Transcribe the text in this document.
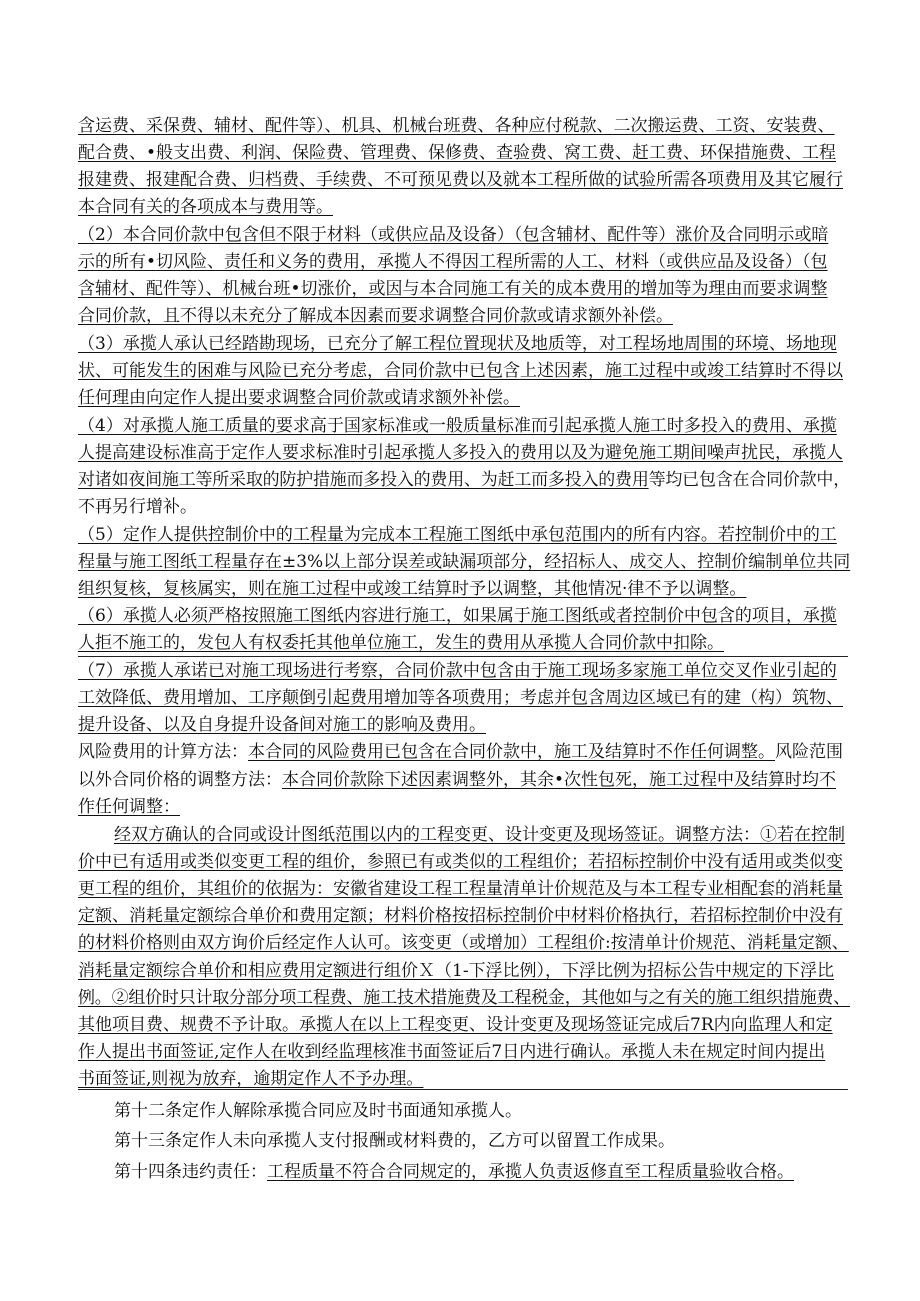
含运费、采保费、辅材、配件等）、机具、机械台班费、各种应付税款、二次搬运费、工资、安装费、
配合费、•般支出费、利润、保险费、管理费、保修费、查验费、窝工费、赶工费、环保措施费、工程
报建费、报建配合费、归档费、手续费、不可预见费以及就本工程所做的试验所需各项费用及其它履行
本合同有关的各项成本与费用等。
（2）本合同价款中包含但不限于材料（或供应品及设备）（包含辅材、配件等）涨价及合同明示或暗
示的所有•切风险、责任和义务的费用，承揽人不得因工程所需的人工、材料（或供应品及设备）（包
含辅材、配件等）、机械台班•切涨价，或因与本合同施工有关的成本费用的增加等为理由而要求调整
合同价款，且不得以未充分了解成本因素而要求调整合同价款或请求额外补偿。
（3）承揽人承认已经踏勘现场，已充分了解工程位置现状及地质等，对工程场地周围的环境、场地现
状、可能发生的困难与风险已充分考虑，合同价款中已包含上述因素，施工过程中或竣工结算时不得以
任何理由向定作人提出要求调整合同价款或请求额外补偿。
（4）对承揽人施工质量的要求高于国家标准或一般质量标准而引起承揽人施工时多投入的费用、承揽
人提高建设标准高于定作人要求标准时引起承揽人多投入的费用以及为避免施工期间噪声扰民，承揽人
对诸如夜间施工等所采取的防护措施而多投入的费用、为赶工而多投入的费用等均已包含在合同价款中，
不再另行增补。
（5）定作人提供控制价中的工程量为完成本工程施工图纸中承包范围内的所有内容。若控制价中的工
程量与施工图纸工程量存在±3%以上部分误差或缺漏项部分，经招标人、成交人、控制价编制单位共同
组织复核，复核属实，则在施工过程中或竣工结算时予以调整，其他情况·律不予以调整。
（6）承揽人必须严格按照施工图纸内容进行施工，如果属于施工图纸或者控制价中包含的项目，承揽
人拒不施工的，发包人有权委托其他单位施工，发生的费用从承揽人合同价款中扣除。
（7）承揽人承诺已对施工现场进行考察，合同价款中包含由于施工现场多家施工单位交叉作业引起的
工效降低、费用增加、工序颠倒引起费用增加等各项费用；考虑并包含周边区域已有的建（构）筑物、
提升设备、以及自身提升设备间对施工的影响及费用。
风险费用的计算方法：本合同的风险费用已包含在合同价款中，施工及结算时不作任何调整。风险范围
以外合同价格的调整方法：本合同价款除下述因素调整外，其余•次性包死，施工过程中及结算时均不
作任何调整：
经双方确认的合同或设计图纸范围以内的工程变更、设计变更及现场签证。调整方法：①若在控制
价中已有适用或类似变更工程的组价，参照已有或类似的工程组价；若招标控制价中没有适用或类似变
更工程的组价，其组价的依据为：安徽省建设工程工程量清单计价规范及与本工程专业相配套的消耗量
定额、消耗量定额综合单价和费用定额；材料价格按招标控制价中材料价格执行，若招标控制价中没有
的材料价格则由双方询价后经定作人认可。该变更（或增加）工程组价:按清单计价规范、消耗量定额、
消耗量定额综合单价和相应费用定额进行组价Ｘ（1-下浮比例），下浮比例为招标公告中规定的下浮比
例。②组价时只计取分部分项工程费、施工技术措施费及工程税金，其他如与之有关的施工组织措施费、
其他项目费、规费不予计取。承揽人在以上工程变更、设计变更及现场签证完成后7R内向监理人和定
作人提出书面签证,定作人在收到经监理核准书面签证后7日内进行确认。承揽人未在规定时间内提出
书面签证,则视为放弃，逾期定作人不予办理。
第十二条定作人解除承揽合同应及时书面通知承揽人。
第十三条定作人未向承揽人支付报酬或材料费的，乙方可以留置工作成果。
第十四条违约责任：工程质量不符合合同规定的，承揽人负责返修直至工程质量验收合格。
